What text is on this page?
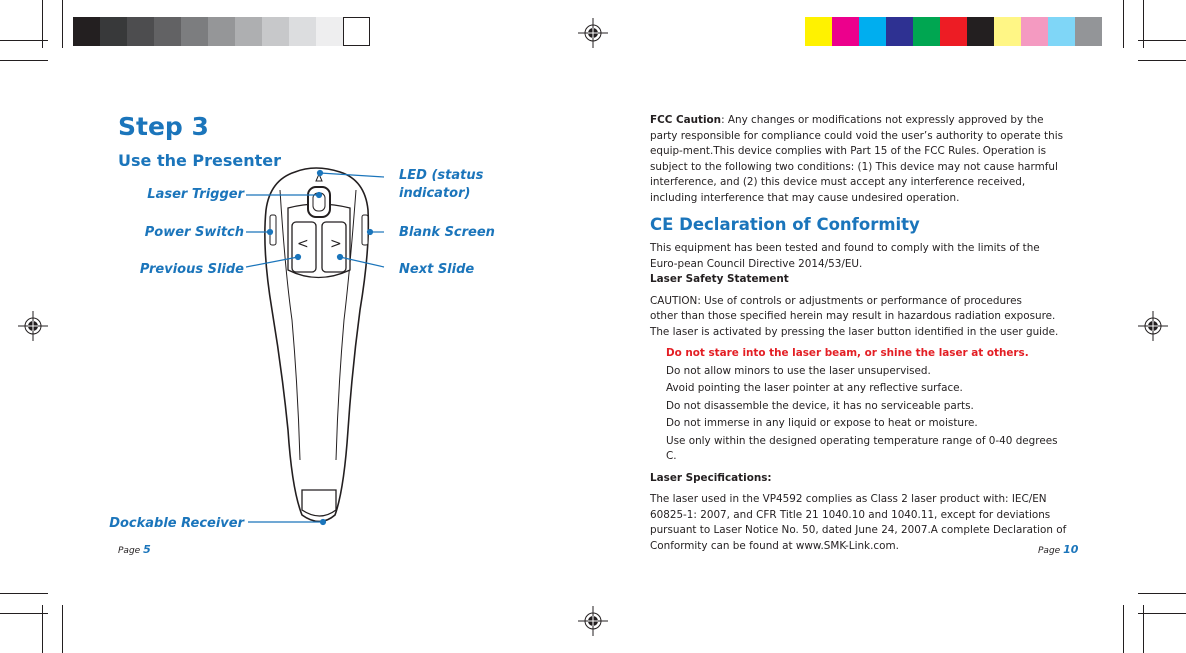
Step 3
Use the Presenter
< >
Laser Trigger
Power Switch
Previous Slide
LED (status
indicator)
Blank Screen
Next Slide
Dockable Receiver
Page 5

FCC Caution: Any changes or modifications not expressly approved by the party responsible for compliance could void the user’s authority to operate this equip-ment.This device complies with Part 15 of the FCC Rules. Operation is subject to the following two conditions: (1) This device may not cause harmful interference, and (2) this device must accept any interference received, including interference that may cause undesired operation.

CE Declaration of Conformity

This equipment has been tested and found to comply with the limits of the Euro-pean Council Directive 2014/53/EU.

Laser Safety Statement

CAUTION: Use of controls or adjustments or performance of procedures

other than those specified herein may result in hazardous radiation exposure.

The laser is activated by pressing the laser button identified in the user guide.

Do not stare into the laser beam, or shine the laser at others.

Do not allow minors to use the laser unsupervised.

Avoid pointing the laser pointer at any reflective surface.

Do not disassemble the device, it has no serviceable parts.

Do not immerse in any liquid or expose to heat or moisture.

Use only within the designed operating temperature range of 0-40 degrees C.

Laser Specifications:

The laser used in the VP4592 complies as Class 2 laser product with: IEC/EN 60825-1: 2007, and CFR Title 21 1040.10 and 1040.11, except for deviations pursuant to Laser Notice No. 50, dated June 24, 2007.A complete Declaration of Conformity can be found at www.SMK-Link.com.	Page 10
